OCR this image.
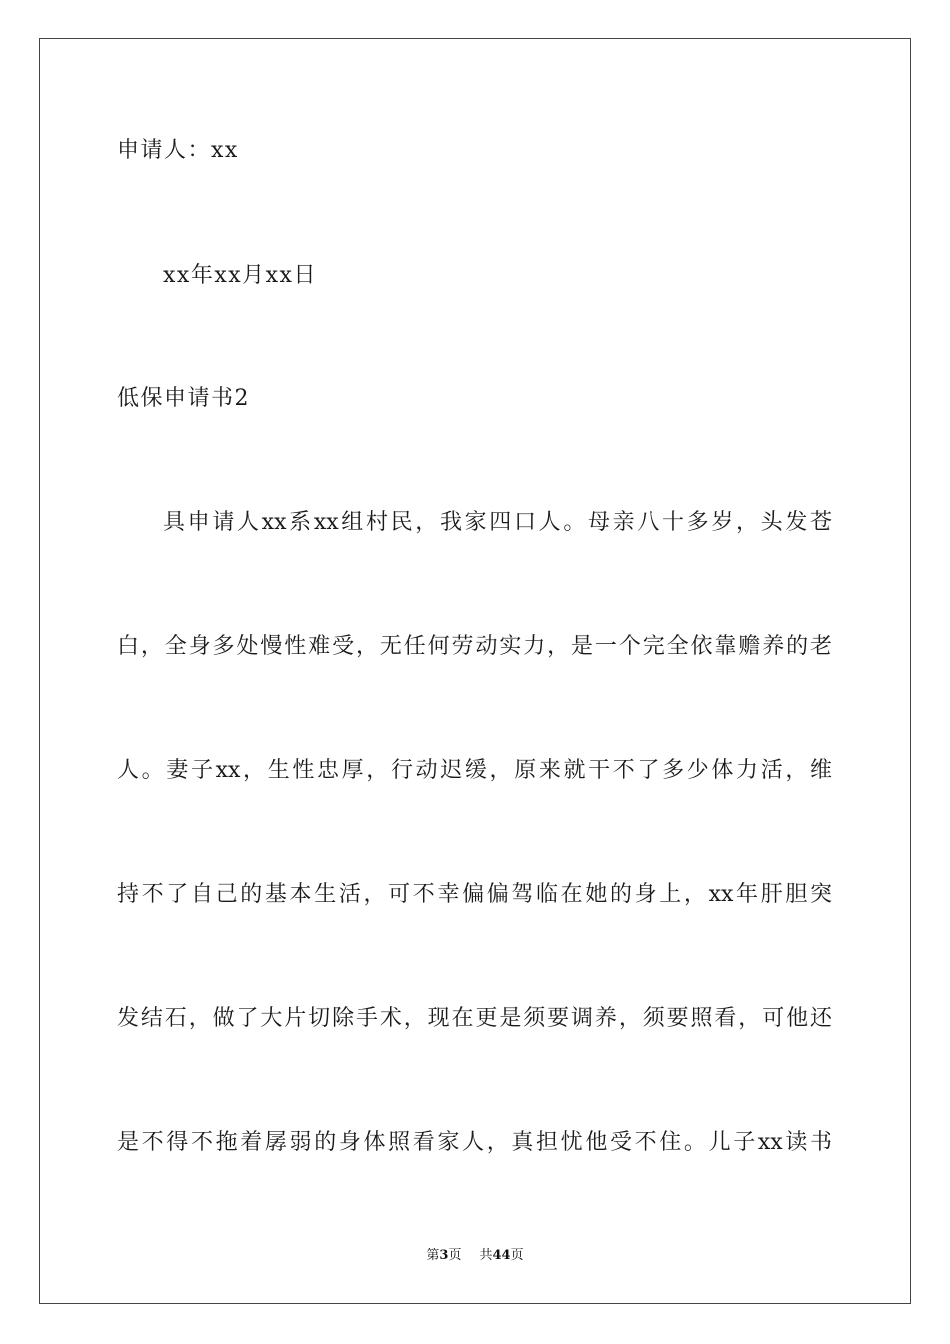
申请人：xx
xx年xx月xx日
低保申请书2
具申请人xx系xx组村民，我家四口人。母亲八十多岁，头发苍
白，全身多处慢性难受，无任何劳动实力，是一个完全依靠赡养的老
人。妻子xx，生性忠厚，行动迟缓，原来就干不了多少体力活，维
持不了自己的基本生活，可不幸偏偏驾临在她的身上，xx年肝胆突
发结石，做了大片切除手术，现在更是须要调养，须要照看，可他还
是不得不拖着孱弱的身体照看家人，真担忧他受不住。儿子xx读书
第3页 共44页
